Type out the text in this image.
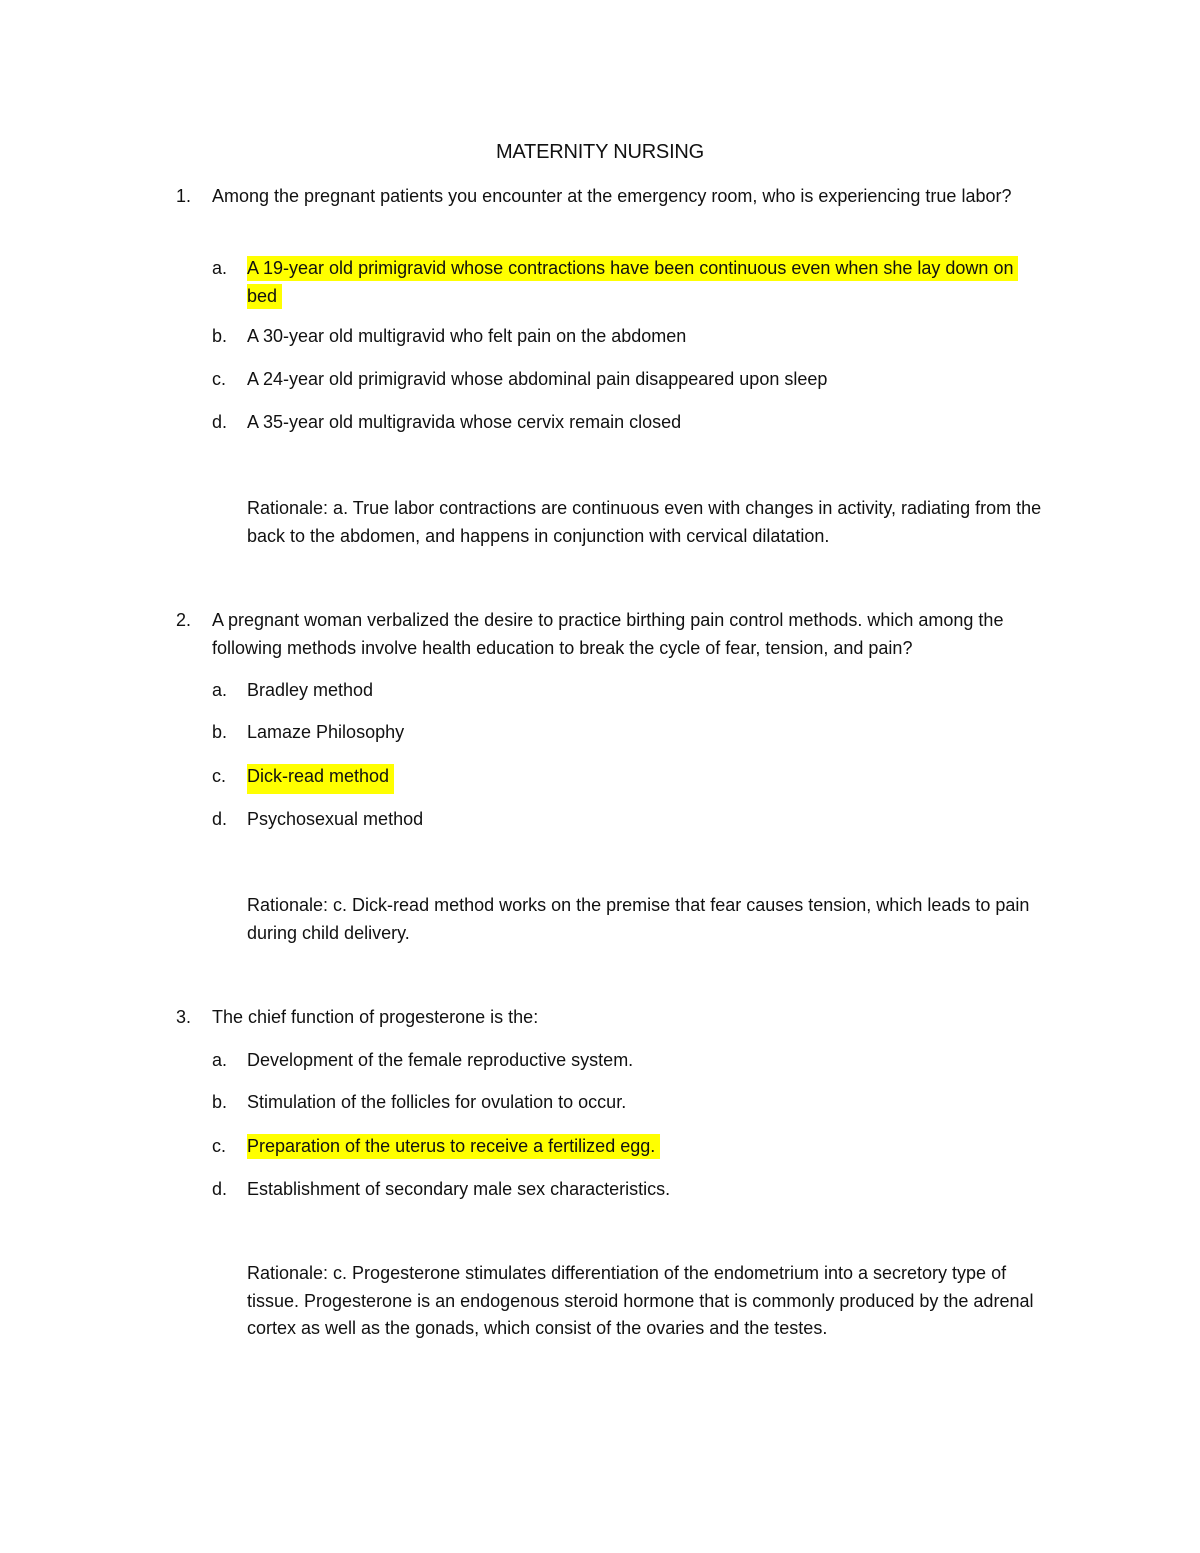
MATERNITY NURSING
1. Among the pregnant patients you encounter at the emergency room, who is experiencing true labor?
a. A 19-year old primigravid whose contractions have been continuous even when she lay down on bed
b. A 30-year old multigravid who felt pain on the abdomen
c. A 24-year old primigravid whose abdominal pain disappeared upon sleep
d. A 35-year old multigravida whose cervix remain closed
Rationale: a. True labor contractions are continuous even with changes in activity, radiating from the back to the abdomen, and happens in conjunction with cervical dilatation.
2. A pregnant woman verbalized the desire to practice birthing pain control methods. which among the following methods involve health education to break the cycle of fear, tension, and pain?
a. Bradley method
b. Lamaze Philosophy
c. Dick-read method
d. Psychosexual method
Rationale: c. Dick-read method works on the premise that fear causes tension, which leads to pain during child delivery.
3. The chief function of progesterone is the:
a. Development of the female reproductive system.
b. Stimulation of the follicles for ovulation to occur.
c. Preparation of the uterus to receive a fertilized egg.
d. Establishment of secondary male sex characteristics.
Rationale: c. Progesterone stimulates differentiation of the endometrium into a secretory type of tissue. Progesterone is an endogenous steroid hormone that is commonly produced by the adrenal cortex as well as the gonads, which consist of the ovaries and the testes.
